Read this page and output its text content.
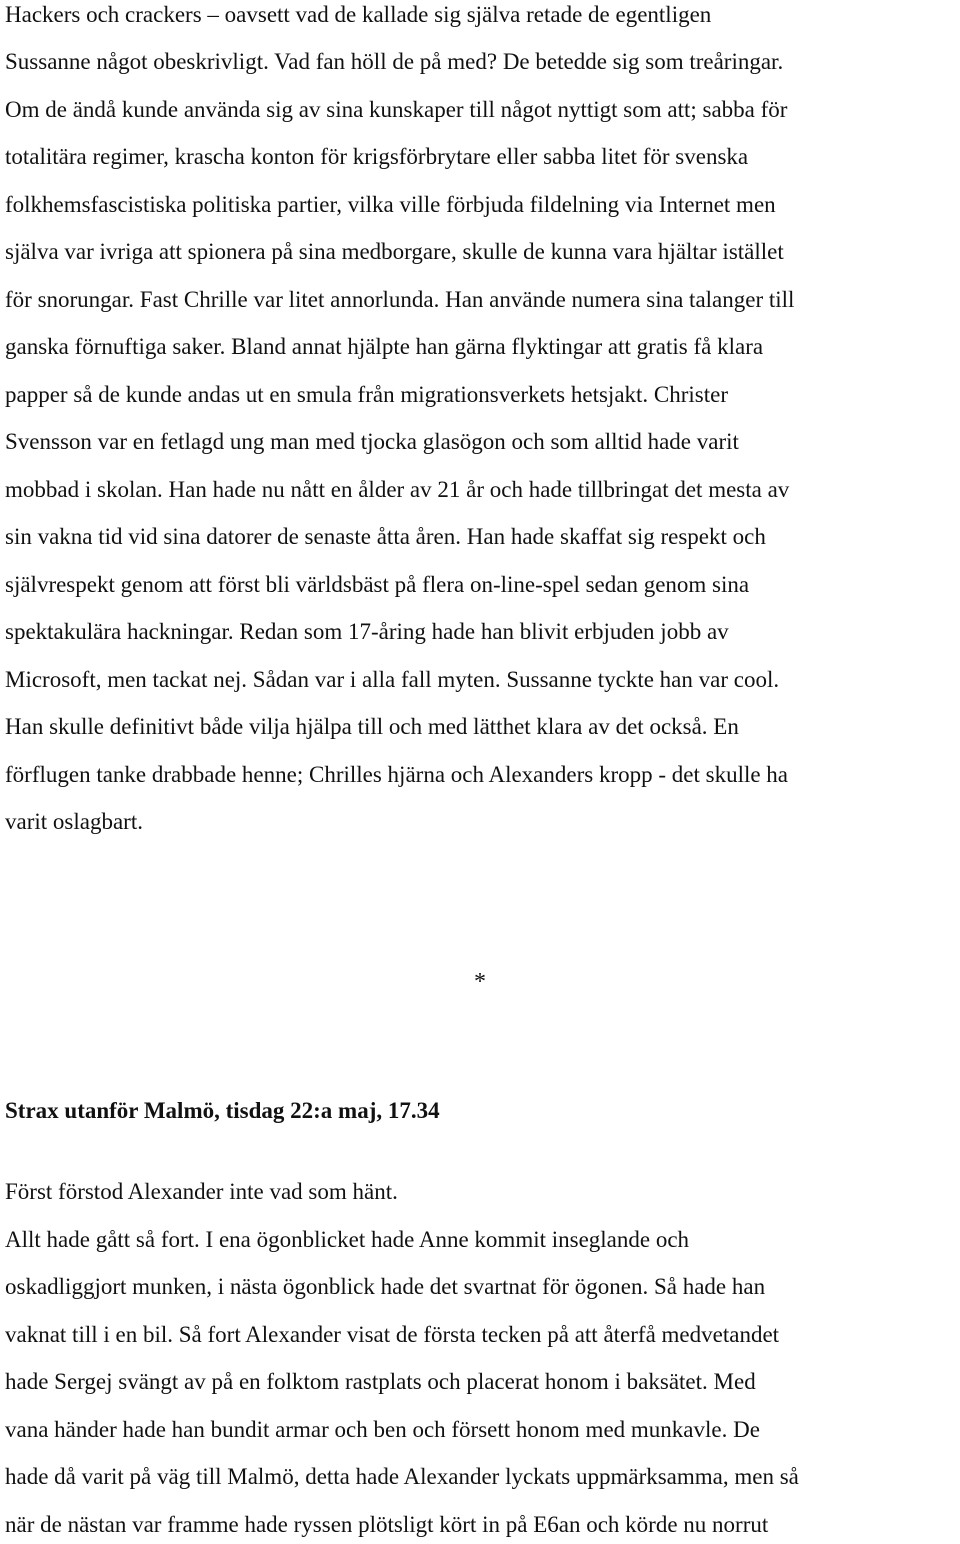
Hackers och crackers – oavsett vad de kallade sig själva retade de egentligen
Sussanne något obeskrivligt. Vad fan höll de på med? De betedde sig som treåringar.
Om de ändå kunde använda sig av sina kunskaper till något nyttigt som att; sabba för
totalitära regimer, krascha konton för krigsförbrytare eller sabba litet för svenska
folkhemsfascistiska politiska partier, vilka ville förbjuda fildelning via Internet men
själva var ivriga att spionera på sina medborgare, skulle de kunna vara hjältar istället
för snorungar. Fast Chrille var litet annorlunda. Han använde numera sina talanger till
ganska förnuftiga saker. Bland annat hjälpte han gärna flyktingar att gratis få klara
papper så de kunde andas ut en smula från migrationsverkets hetsjakt. Christer
Svensson var en fetlagd ung man med tjocka glasögon och som alltid hade varit
mobbad i skolan. Han hade nu nått en ålder av 21 år och hade tillbringat det mesta av
sin vakna tid vid sina datorer de senaste åtta åren. Han hade skaffat sig respekt och
självrespekt genom att först bli världsbäst på flera on-line-spel sedan genom sina
spektakulära hackningar. Redan som 17-åring hade han blivit erbjuden jobb av
Microsoft, men tackat nej. Sådan var i alla fall myten. Sussanne tyckte han var cool.
Han skulle definitivt både vilja hjälpa till och med lätthet klara av det också. En
förflugen tanke drabbade henne; Chrilles hjärna och Alexanders kropp - det skulle ha
varit oslagbart.
*
Strax utanför Malmö, tisdag 22:a maj, 17.34
Först förstod Alexander inte vad som hänt.
Allt hade gått så fort. I ena ögonblicket hade Anne kommit inseglande och
oskadliggjort munken, i nästa ögonblick hade det svartnat för ögonen. Så hade han
vaknat till i en bil. Så fort Alexander visat de första tecken på att återfå medvetandet
hade Sergej svängt av på en folktom rastplats och placerat honom i baksätet. Med
vana händer hade han bundit armar och ben och försett honom med munkavle. De
hade då varit på väg till Malmö, detta hade Alexander lyckats uppmärksamma, men så
när de nästan var framme hade ryssen plötsligt kört in på E6an och körde nu norrut
